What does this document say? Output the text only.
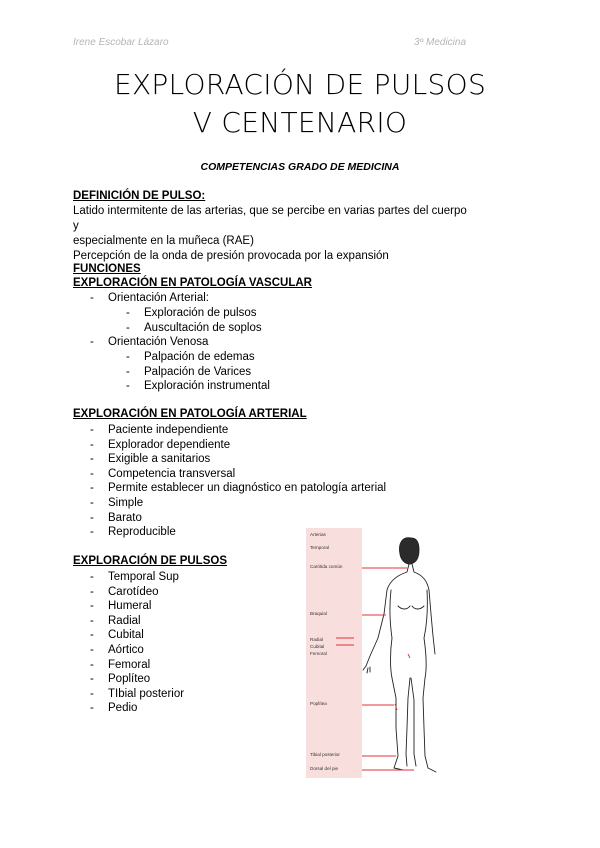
Irene Escobar Lázaro	3º Medicina
EXPLORACIÓN DE PULSOS
V CENTENARIO
COMPETENCIAS GRADO DE MEDICINA
DEFINICIÓN DE PULSO:
Latido intermitente de las arterias, que se percibe en varias partes del cuerpo y
especialmente en la muñeca (RAE)
Percepción de la onda de presión provocada por la expansión
FUNCIONES
EXPLORACIÓN EN PATOLOGÍA VASCULAR
- Orientación Arterial:
- Exploración de pulsos
- Auscultación de soplos
- Orientación Venosa
- Palpación de edemas
- Palpación de Varices
- Exploración instrumental
EXPLORACIÓN EN PATOLOGÍA ARTERIAL
- Paciente independiente
- Explorador dependiente
- Exigible a sanitarios
- Competencia transversal
- Permite establecer un diagnóstico en patología arterial
- Simple
- Barato
- Reproducible
EXPLORACIÓN DE PULSOS
- Temporal Sup
- Carotídeo
- Humeral
- Radial
- Cubital
- Aórtico
- Femoral
- Poplíteo
- TIbial posterior
- Pedio
Arterias
Temporal
Carótida común
Braquial
Radial
Cubital
Femoral
Poplítea
Tibial posterior
Dorsal del pie
